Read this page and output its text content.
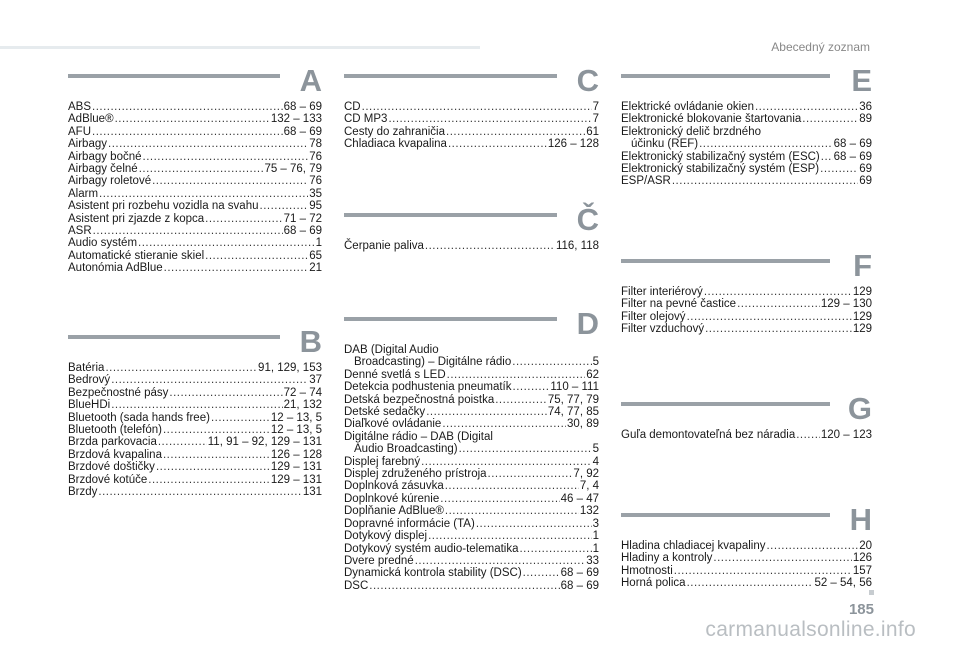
Abecedný zoznam
A
ABS .....	68 – 69
AdBlue® .....	132 – 133
AFU .....	68 – 69
Airbagy .....	78
Airbagy bočné .....	76
Airbagy čelné .....	75 – 76, 79
Airbagy roletové .....	76
Alarm .....	35
Asistent pri rozbehu vozidla na svahu .....	95
Asistent pri zjazde z kopca .....	71 – 72
ASR .....	68 – 69
Audio systém .....	1
Automatické stieranie skiel .....	65
Autonómia AdBlue .....	21
B
Batéria .....	91, 129, 153
Bedrový .....	37
Bezpečnostné pásy .....	72 – 74
BlueHDi .....	21, 132
Bluetooth (sada hands free) .....	12 – 13, 5
Bluetooth (telefón) .....	12 – 13, 5
Brzda parkovacia .....	11, 91 – 92, 129 – 131
Brzdová kvapalina .....	126 – 128
Brzdové doštičky .....	129 – 131
Brzdové kotúče .....	129 – 131
Brzdy .....	131
C
CD .....	7
CD MP3 .....	7
Cesty do zahraničia .....	61
Chladiaca kvapalina .....	126 – 128
Č
Čerpanie paliva .....	116, 118
D
DAB (Digital Audio
Broadcasting) – Digitálne rádio .....	5
Denné svetlá s LED .....	62
Detekcia podhustenia pneumatík .....	110 – 111
Detská bezpečnostná poistka .....	75, 77, 79
Detské sedačky .....	74, 77, 85
Diaľkové ovládanie .....	30, 89
Digitálne rádio – DAB (Digital
Audio Broadcasting) .....	5
Displej farebný .....	4
Displej združeného prístroja .....	7, 92
Doplnková zásuvka .....	7, 4
Doplnkové kúrenie .....	46 – 47
Doplňanie AdBlue® .....	132
Dopravné informácie (TA) .....	3
Dotykový displej .....	1
Dotykový systém audio-telematika .....	1
Dvere predné .....	33
Dynamická kontrola stability (DSC) .....	68 – 69
DSC .....	68 – 69
E
Elektrické ovládanie okien .....	36
Elektronické blokovanie štartovania .....	89
Elektronický delič brzdného
účinku (REF) .....	68 – 69
Elektronický stabilizačný systém (ESC) ..... 68 – 69
Elektronický stabilizačný systém (ESP) .....	69
ESP/ASR .....	69
F
Filter interiérový .....	129
Filter na pevné častice .....	129 – 130
Filter olejový .....	129
Filter vzduchový .....	129
G
Guľa demontovateľná bez náradia ..... 120 – 123
H
Hladina chladiacej kvapaliny .....	20
Hladiny a kontroly .....	126
Hmotnosti .....	157
Horná polica .....	52 – 54, 56
185
carmanualsonline.info
